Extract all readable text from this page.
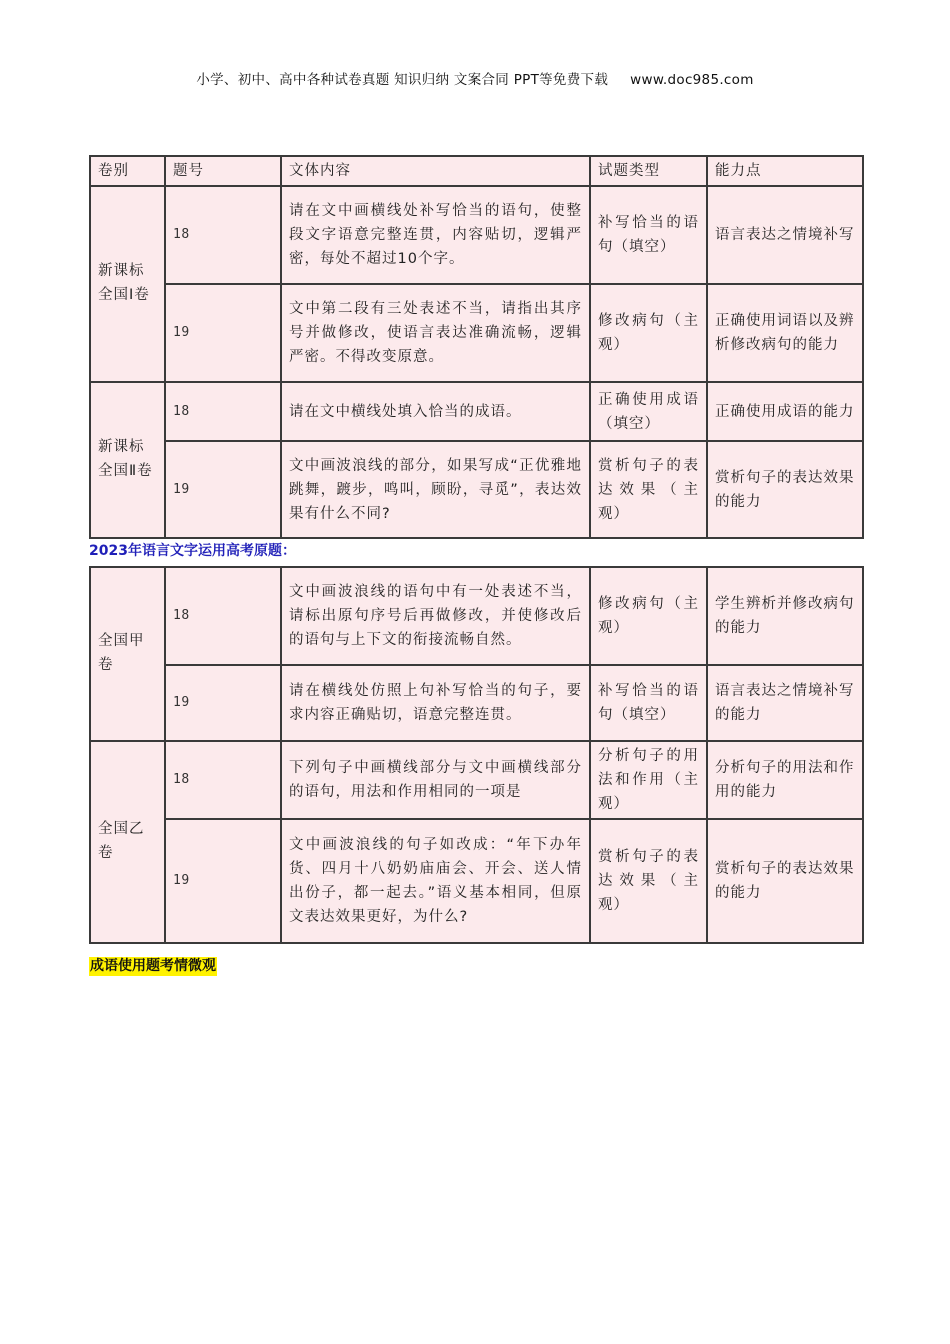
小学、初中、高中各种试卷真题 知识归纳 文案合同 PPT等免费下载 www.doc985.com
卷别	题号	文体内容	试题类型	能力点
新课标全国Ⅰ卷	18	请在文中画横线处补写恰当的语句，使整段文字语意完整连贯，内容贴切，逻辑严密，每处不超过10个字。	补写恰当的语句（填空）	语言表达之情境补写
	19	文中第二段有三处表述不当，请指出其序号并做修改，使语言表达准确流畅，逻辑严密。不得改变原意。	修改病句（主观）	正确使用词语以及辨析修改病句的能力
新课标全国Ⅱ卷	18	请在文中横线处填入恰当的成语。	正确使用成语（填空）	正确使用成语的能力
	19	文中画波浪线的部分，如果写成“正优雅地跳舞，踱步，鸣叫，顾盼，寻觅”，表达效果有什么不同?	赏析句子的表达效果（主观）	赏析句子的表达效果的能力
2023年语言文字运用高考原题：
全国甲卷	18	文中画波浪线的语句中有一处表述不当，请标出原句序号后再做修改，并使修改后的语句与上下文的衔接流畅自然。	修改病句（主观）	学生辨析并修改病句的能力
	19	请在横线处仿照上句补写恰当的句子，要求内容正确贴切，语意完整连贯。	补写恰当的语句（填空）	语言表达之情境补写的能力
全国乙卷	18	下列句子中画横线部分与文中画横线部分的语句，用法和作用相同的一项是	分析句子的用法和作用（主观）	分析句子的用法和作用的能力
	19	文中画波浪线的句子如改成：“年下办年货、四月十八奶奶庙庙会、开会、送人情出份子，都一起去。”语义基本相同，但原文表达效果更好，为什么?	赏析句子的表达效果（主观）	赏析句子的表达效果的能力
成语使用题考情微观
